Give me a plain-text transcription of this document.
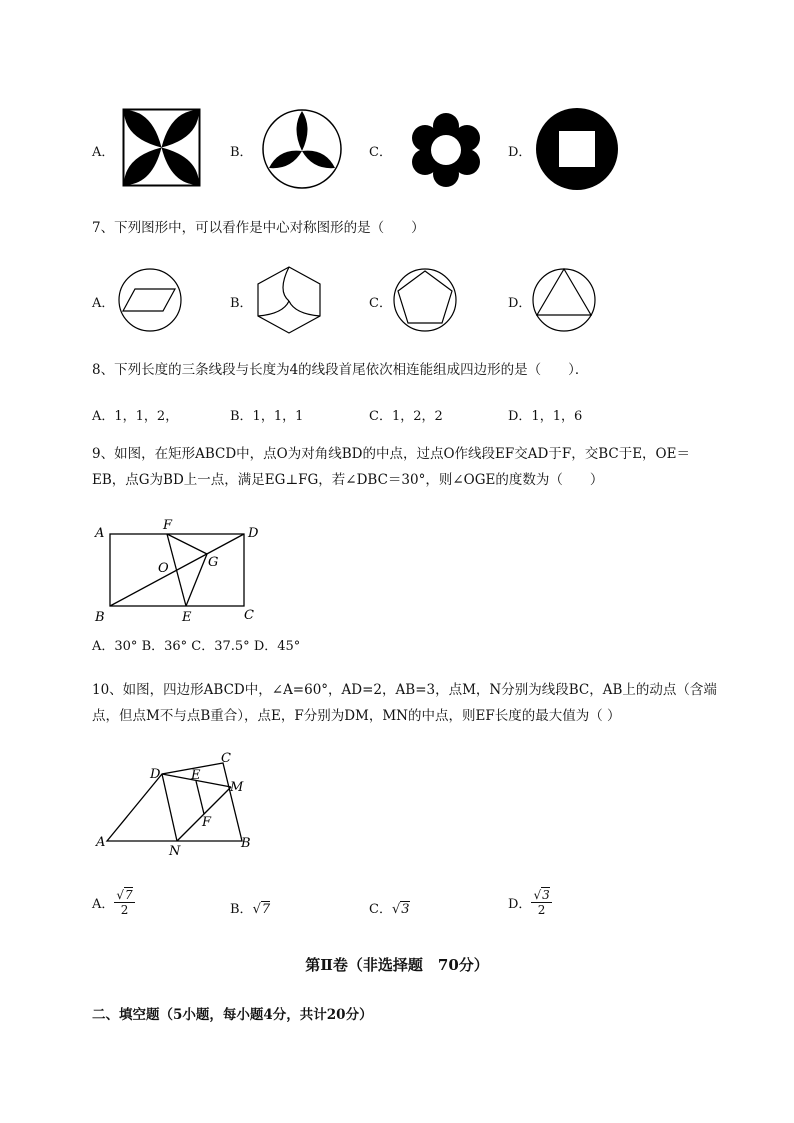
A．	B．	C．	D．
7、下列图形中，可以看作是中心对称图形的是（　　）
A．	B．	C．	D．
8、下列长度的三条线段与长度为4的线段首尾依次相连能组成四边形的是（　　）．
A．1，1，2，	B．1，1，1	C．1，2，2	D．1，1，6
9、如图，在矩形ABCD中，点O为对角线BD的中点，过点O作线段EF交AD于F，交BC于E，OE＝
EB，点G为BD上一点，满足EG⊥FG，若∠DBC＝30°，则∠OGE的度数为（　　）
A	D
B	C
F
E
O	G
A．30° B．36° C．37.5° D．45°
10、如图，四边形ABCD中，∠A=60°，AD=2，AB=3，点M，N分别为线段BC，AB上的动点（含端
点，但点M不与点B重合），点E，F分别为DM，MN的中点，则EF长度的最大值为（ ）
A
D
C
B
E
M
F
N
A． $\frac{√7}{2}$	B．√7	C．√3	D． $\frac{√3}{2}$
第Ⅱ卷（非选择题　70分）
二、填空题（5小题，每小题4分，共计20分）
